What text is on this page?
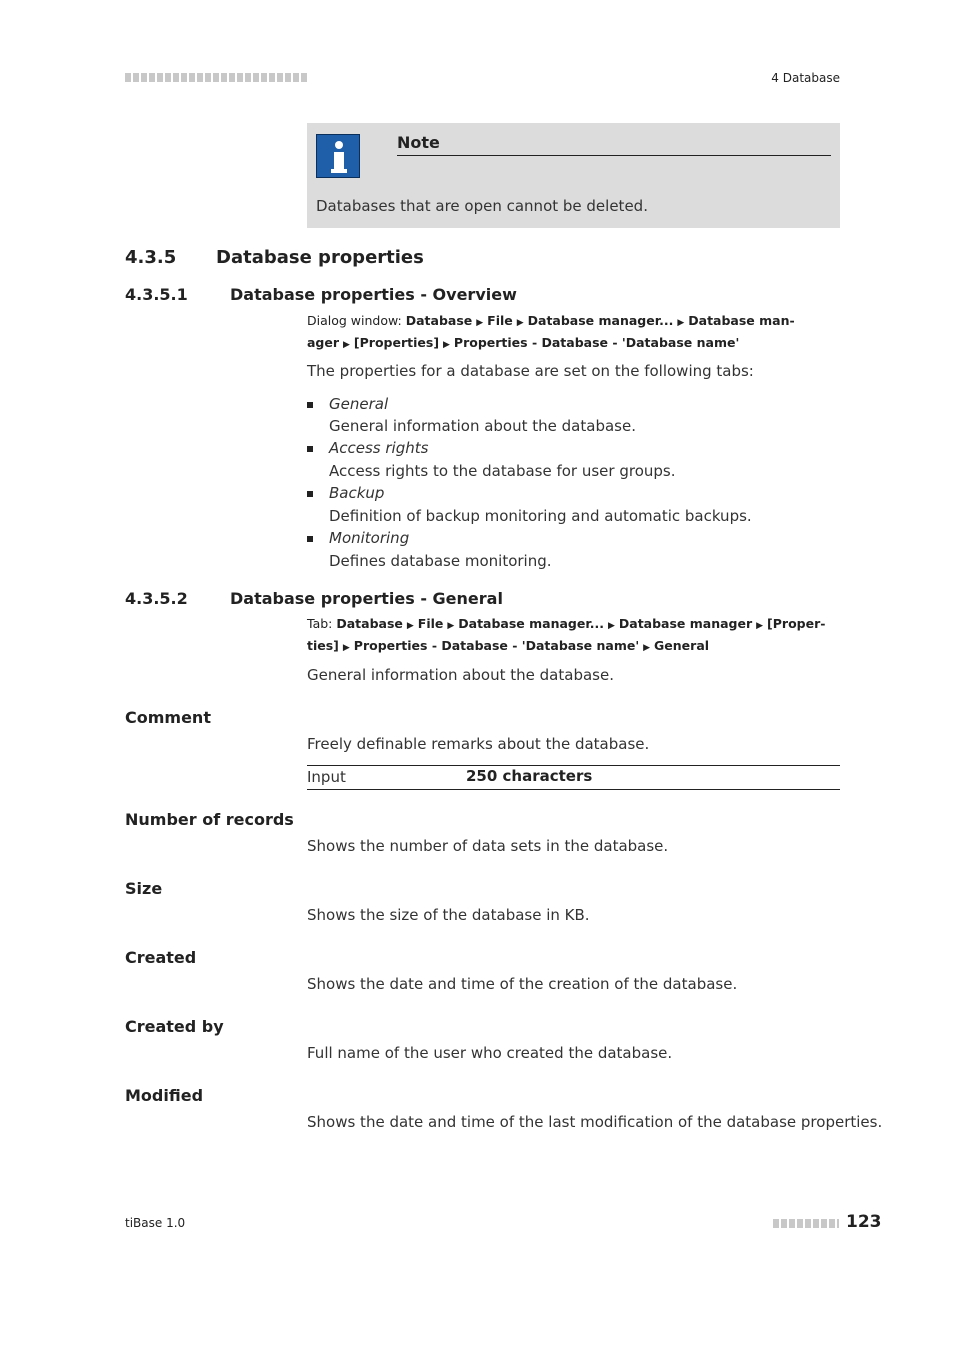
4 Database
Note
Databases that are open cannot be deleted.
4.3.5 Database properties
4.3.5.1	Database properties - Overview
Dialog window: Database ▶ File ▶ Database manager... ▶ Database man-
ager ▶ [Properties] ▶ Properties - Database - 'Database name'
The properties for a database are set on the following tabs:
General
General information about the database.
Access rights
Access rights to the database for user groups.
Backup
Definition of backup monitoring and automatic backups.
Monitoring
Defines database monitoring.
4.3.5.2	Database properties - General
Tab: Database ▶ File ▶ Database manager... ▶ Database manager ▶ [Proper-
ties] ▶ Properties - Database - 'Database name' ▶ General
General information about the database.
Comment
Freely definable remarks about the database.
Input	250 characters
Number of records
Shows the number of data sets in the database.
Size
Shows the size of the database in KB.
Created
Shows the date and time of the creation of the database.
Created by
Full name of the user who created the database.
Modified
Shows the date and time of the last modification of the database properties.
tiBase 1.0	123
